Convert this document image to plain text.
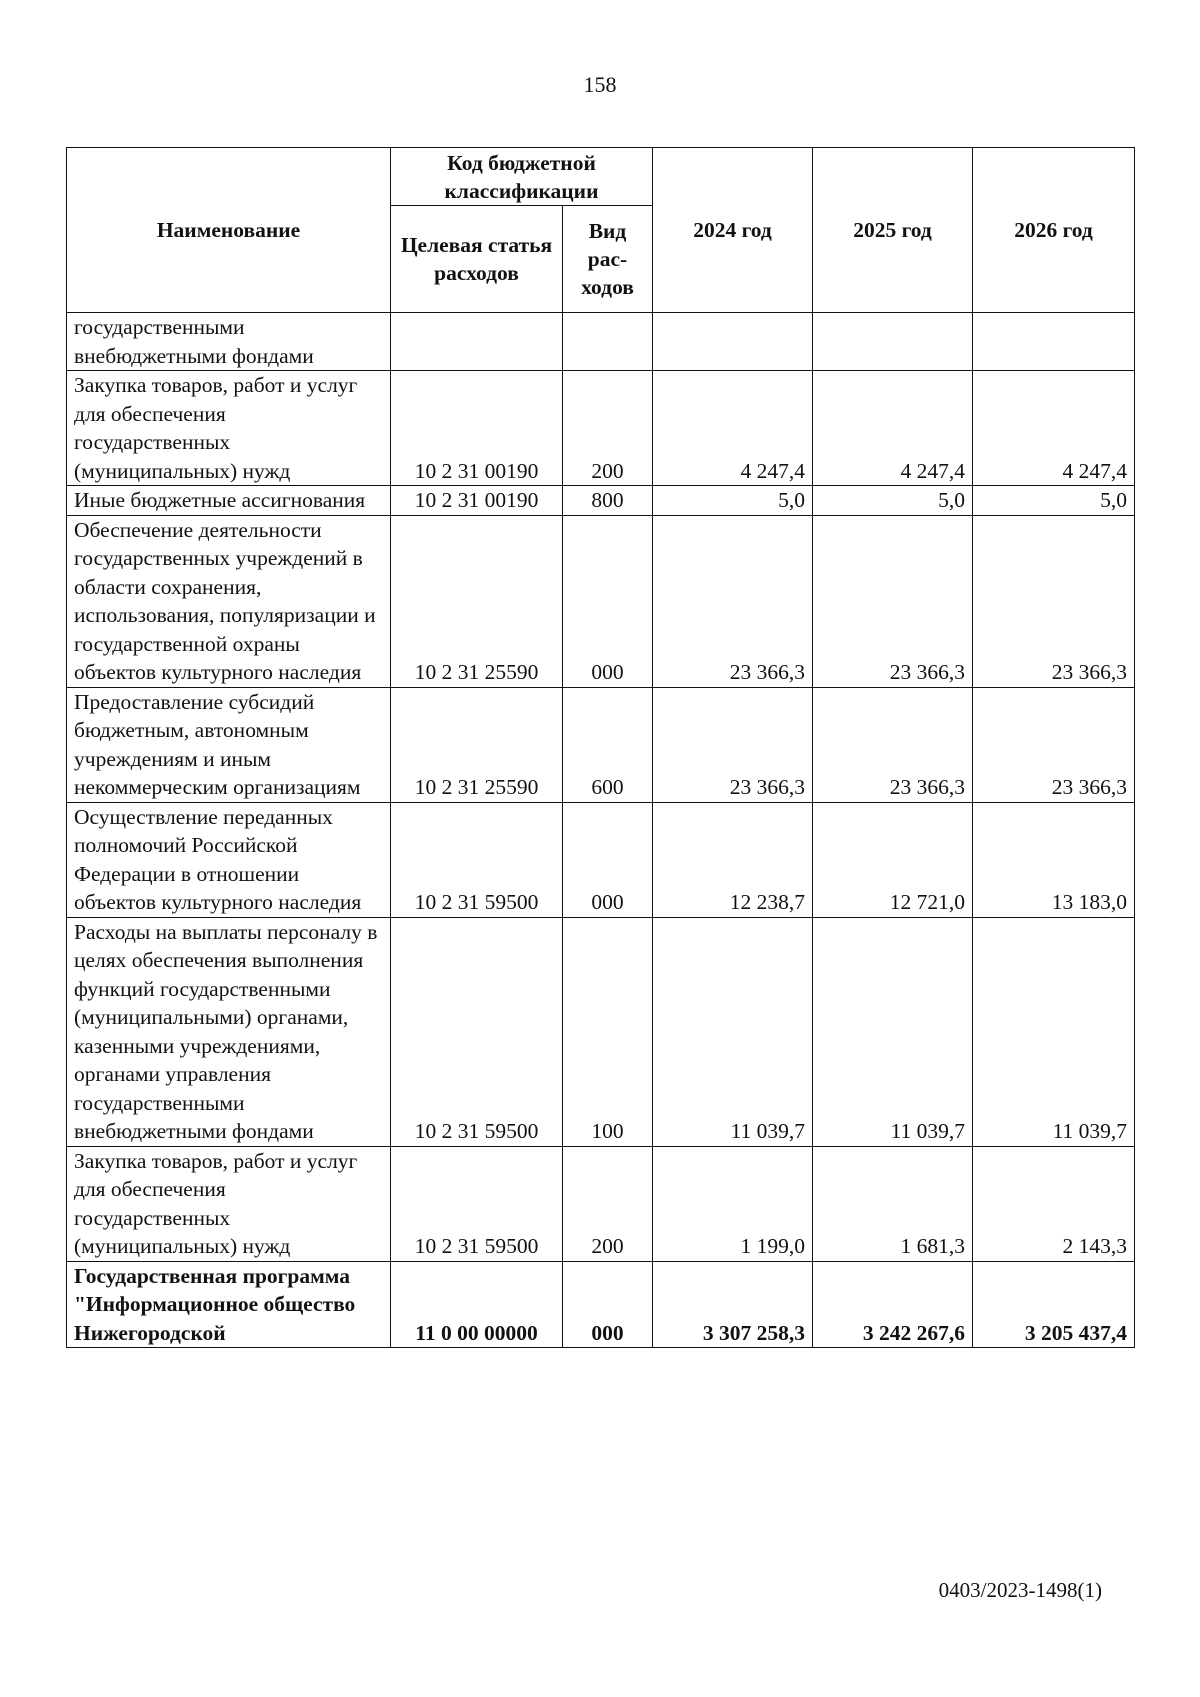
158
Наименование	Код бюджетной классификации		2024 год	2025 год	2026 год
	Целевая статья расходов	Вид рас-ходов			
государственными внебюджетными фондами					
Закупка товаров, работ и услуг для обеспечения государственных (муниципальных) нужд	10 2 31 00190	200	4 247,4	4 247,4	4 247,4
Иные бюджетные ассигнования	10 2 31 00190	800	5,0	5,0	5,0
Обеспечение деятельности государственных учреждений в области сохранения, использования, популяризации и государственной охраны объектов культурного наследия	10 2 31 25590	000	23 366,3	23 366,3	23 366,3
Предоставление субсидий бюджетным, автономным учреждениям и иным некоммерческим организациям	10 2 31 25590	600	23 366,3	23 366,3	23 366,3
Осуществление переданных полномочий Российской Федерации в отношении объектов культурного наследия	10 2 31 59500	000	12 238,7	12 721,0	13 183,0
Расходы на выплаты персоналу в целях обеспечения выполнения функций государственными (муниципальными) органами, казенными учреждениями, органами управления государственными внебюджетными фондами	10 2 31 59500	100	11 039,7	11 039,7	11 039,7
Закупка товаров, работ и услуг для обеспечения государственных (муниципальных) нужд	10 2 31 59500	200	1 199,0	1 681,3	2 143,3
Государственная программа "Информационное общество Нижегородской	11 0 00 00000	000	3 307 258,3	3 242 267,6	3 205 437,4
0403/2023-1498(1)
